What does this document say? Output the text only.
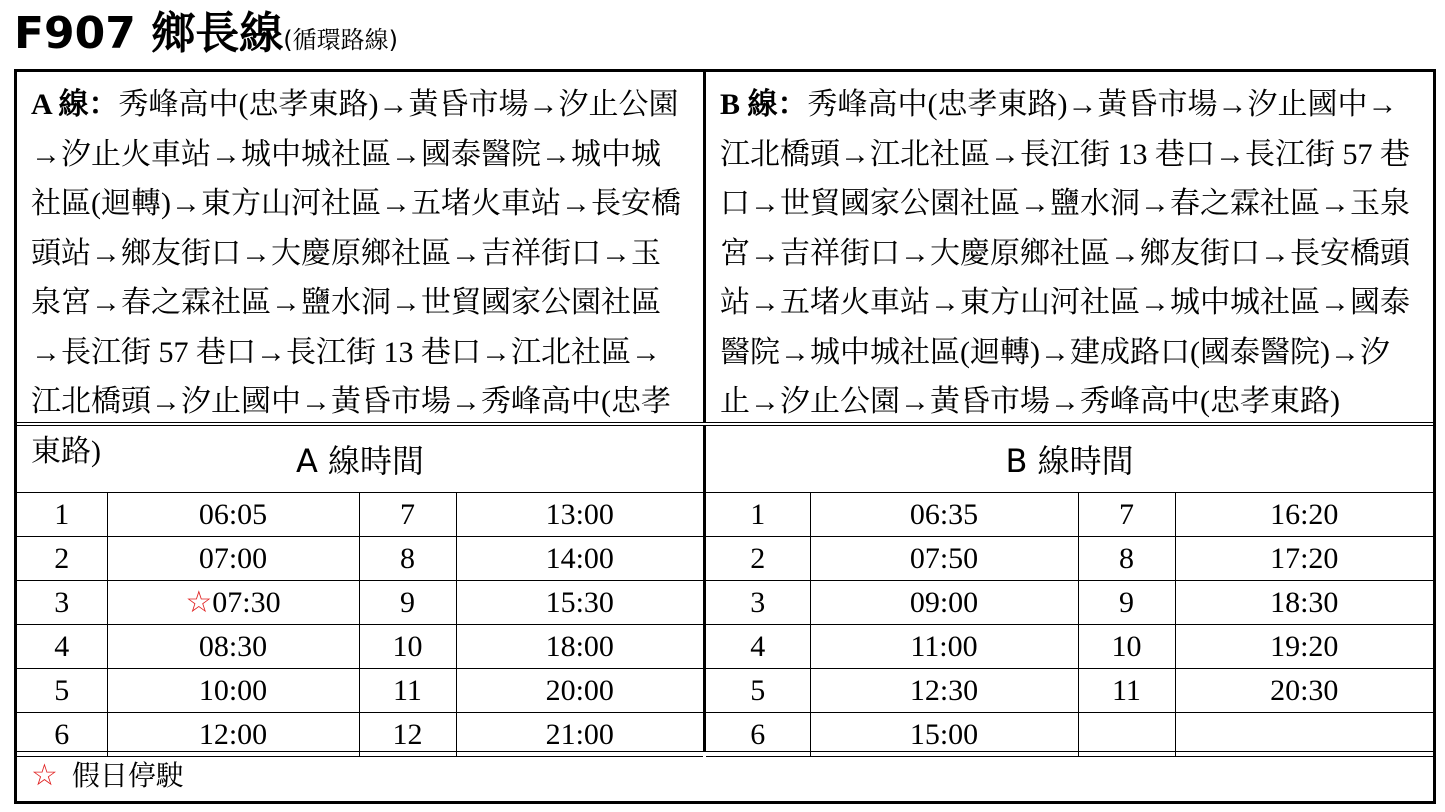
F907 鄉長線(循環路線)
A 線：秀峰高中(忠孝東路)→黃昏市場→汐止公園→汐止火車站→城中城社區→國泰醫院→城中城社區(迴轉)→東方山河社區→五堵火車站→長安橋頭站→鄉友街口→大慶原鄉社區→吉祥街口→玉泉宮→春之霖社區→鹽水洞→世貿國家公園社區→長江街 57 巷口→長江街 13 巷口→江北社區→江北橋頭→汐止國中→黃昏市場→秀峰高中(忠孝東路)
B 線：秀峰高中(忠孝東路)→黃昏市場→汐止國中→江北橋頭→江北社區→長江街 13 巷口→長江街 57 巷口→世貿國家公園社區→鹽水洞→春之霖社區→玉泉宮→吉祥街口→大慶原鄉社區→鄉友街口→長安橋頭站→五堵火車站→東方山河社區→城中城社區→國泰醫院→城中城社區(迴轉)→建成路口(國泰醫院)→汐止→汐止公園→黃昏市場→秀峰高中(忠孝東路)
A 線時間			
1	06:05	7	13:00
2	07:00	8	14:00
3	☆07:30	9	15:30
4	08:30	10	18:00
5	10:00	11	20:00
6	12:00	12	21:00
B 線時間			
1	06:35	7	16:20
2	07:50	8	17:20
3	09:00	9	18:30
4	11:00	10	19:20
5	12:30	11	20:30
6	15:00		
☆ 假日停駛
